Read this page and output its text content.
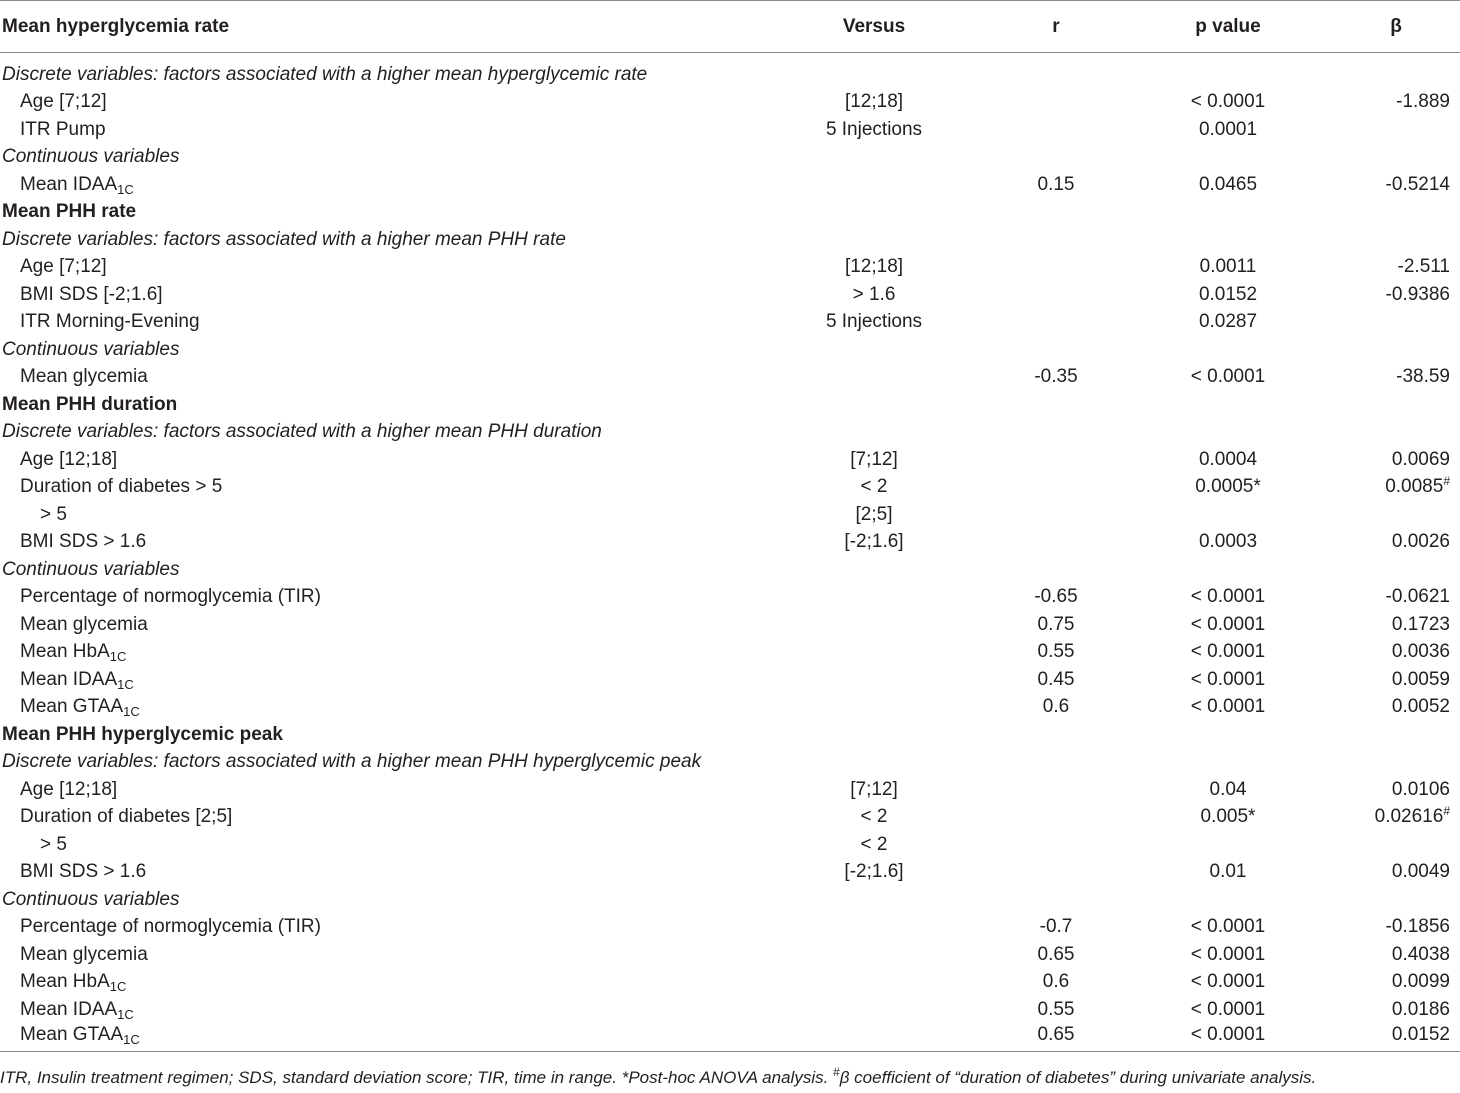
Mean hyperglycemia rate	Versus	r	p value	β
Discrete variables: factors associated with a higher mean hyperglycemic rate				
Age [7;12]	[12;18]		< 0.0001	-1.889
ITR Pump	5 Injections		0.0001	
Continuous variables				
Mean $IDAA_{1C}$		0.15	0.0465	-0.5214
Mean PHH rate				
Discrete variables: factors associated with a higher mean PHH rate				
Age [7;12]	[12;18]		0.0011	-2.511
BMI SDS [-2;1.6]	> 1.6		0.0152	-0.9386
ITR Morning-Evening	5 Injections		0.0287	
Continuous variables				
Mean glycemia		-0.35	< 0.0001	-38.59
Mean PHH duration				
Discrete variables: factors associated with a higher mean PHH duration				
Age [12;18]	[7;12]		0.0004	0.0069
Duration of diabetes > 5	< 2		0.0005*	0.0085#
> 5	[2;5]			
BMI SDS > 1.6	[-2;1.6]		0.0003	0.0026
Continuous variables				
Percentage of normoglycemia (TIR)		-0.65	< 0.0001	-0.0621
Mean glycemia		0.75	< 0.0001	0.1723
Mean HbA$_{1C}$		0.55	< 0.0001	0.0036
Mean $IDAA_{1C}$		0.45	< 0.0001	0.0059
Mean $GTAA_{1C}$		0.6	< 0.0001	0.0052
Mean PHH hyperglycemic peak				
Discrete variables: factors associated with a higher mean PHH hyperglycemic peak				
Age [12;18]	[7;12]		0.04	0.0106
Duration of diabetes [2;5]	< 2		0.005*	0.02616#
> 5	< 2			
BMI SDS > 1.6	[-2;1.6]		0.01	0.0049
Continuous variables				
Percentage of normoglycemia (TIR)		-0.7	< 0.0001	-0.1856
Mean glycemia		0.65	< 0.0001	0.4038
Mean HbA$_{1C}$		0.6	< 0.0001	0.0099
Mean $IDAA_{1C}$		0.55	< 0.0001	0.0186
Mean $GTAA_{1C}$		0.65	< 0.0001	0.0152
ITR, Insulin treatment regimen; SDS, standard deviation score; TIR, time in range. *Post-hoc ANOVA analysis. #β coefficient of “duration of diabetes” during univariate analysis.
